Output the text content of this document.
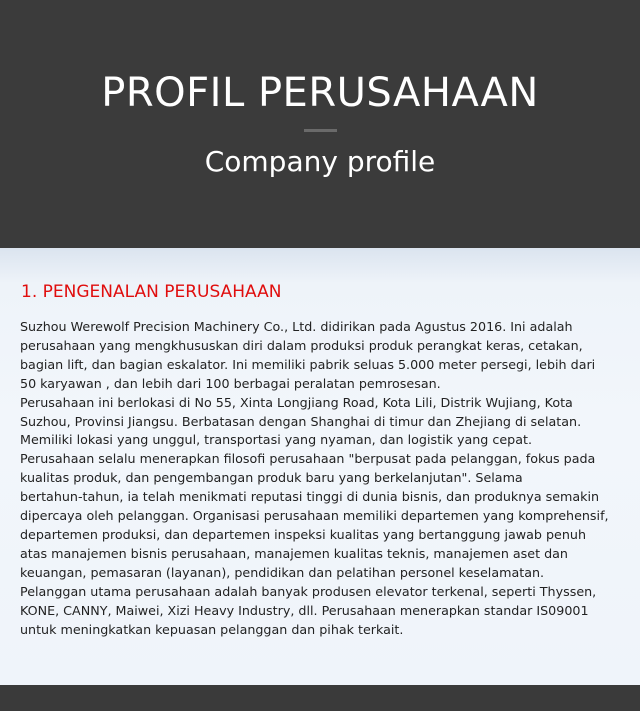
PROFIL PERUSAHAAN
Company profile
1. PENGENALAN PERUSAHAAN
Suzhou Werewolf Precision Machinery Co., Ltd. didirikan pada Agustus 2016. Ini adalah
perusahaan yang mengkhususkan diri dalam produksi produk perangkat keras, cetakan,
bagian lift, dan bagian eskalator. Ini memiliki pabrik seluas 5.000 meter persegi, lebih dari
50 karyawan , dan lebih dari 100 berbagai peralatan pemrosesan.
Perusahaan ini berlokasi di No 55, Xinta Longjiang Road, Kota Lili, Distrik Wujiang, Kota
Suzhou, Provinsi Jiangsu. Berbatasan dengan Shanghai di timur dan Zhejiang di selatan.
Memiliki lokasi yang unggul, transportasi yang nyaman, dan logistik yang cepat.
Perusahaan selalu menerapkan filosofi perusahaan "berpusat pada pelanggan, fokus pada
kualitas produk, dan pengembangan produk baru yang berkelanjutan". Selama
bertahun-tahun, ia telah menikmati reputasi tinggi di dunia bisnis, dan produknya semakin
dipercaya oleh pelanggan. Organisasi perusahaan memiliki departemen yang komprehensif,
departemen produksi, dan departemen inspeksi kualitas yang bertanggung jawab penuh
atas manajemen bisnis perusahaan, manajemen kualitas teknis, manajemen aset dan
keuangan, pemasaran (layanan), pendidikan dan pelatihan personel keselamatan.
Pelanggan utama perusahaan adalah banyak produsen elevator terkenal, seperti Thyssen,
KONE, CANNY, Maiwei, Xizi Heavy Industry, dll. Perusahaan menerapkan standar IS09001
untuk meningkatkan kepuasan pelanggan dan pihak terkait.
